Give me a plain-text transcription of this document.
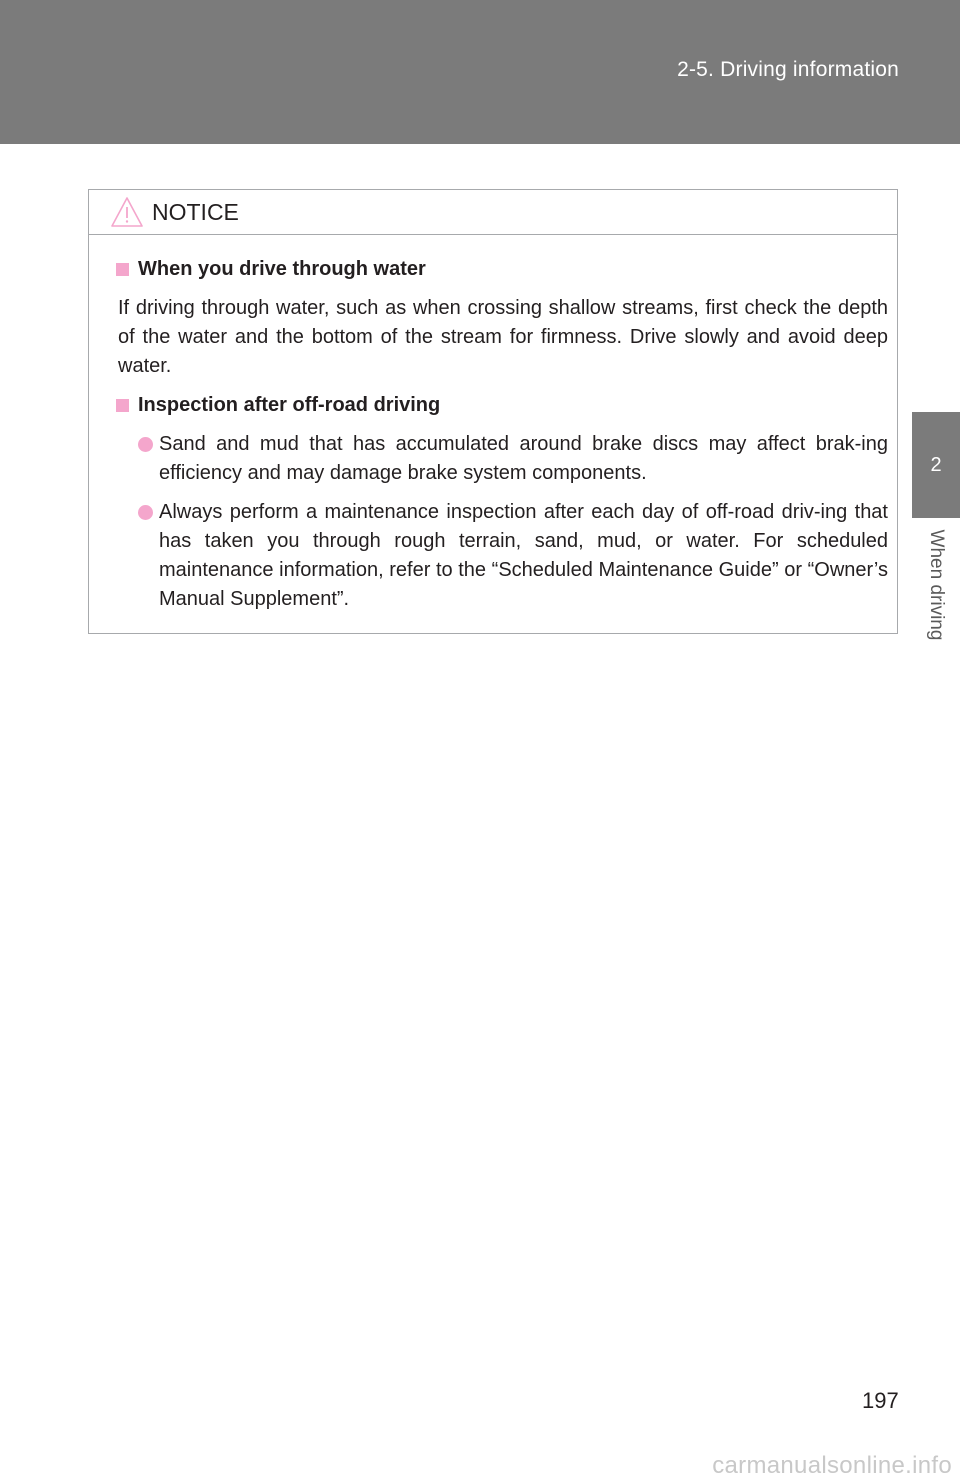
2-5. Driving information
2
When driving
NOTICE
When you drive through water

If driving through water, such as when crossing shallow streams, first check the depth of the water and the bottom of the stream for firmness. Drive slowly and avoid deep water.

Inspection after off-road driving
Sand and mud that has accumulated around brake discs may affect brak-ing efficiency and may damage brake system components.
Always perform a maintenance inspection after each day of off-road driv-ing that has taken you through rough terrain, sand, mud, or water. For scheduled maintenance information, refer to the “Scheduled Maintenance Guide” or “Owner’s Manual Supplement”.
197
carmanualsonline.info
